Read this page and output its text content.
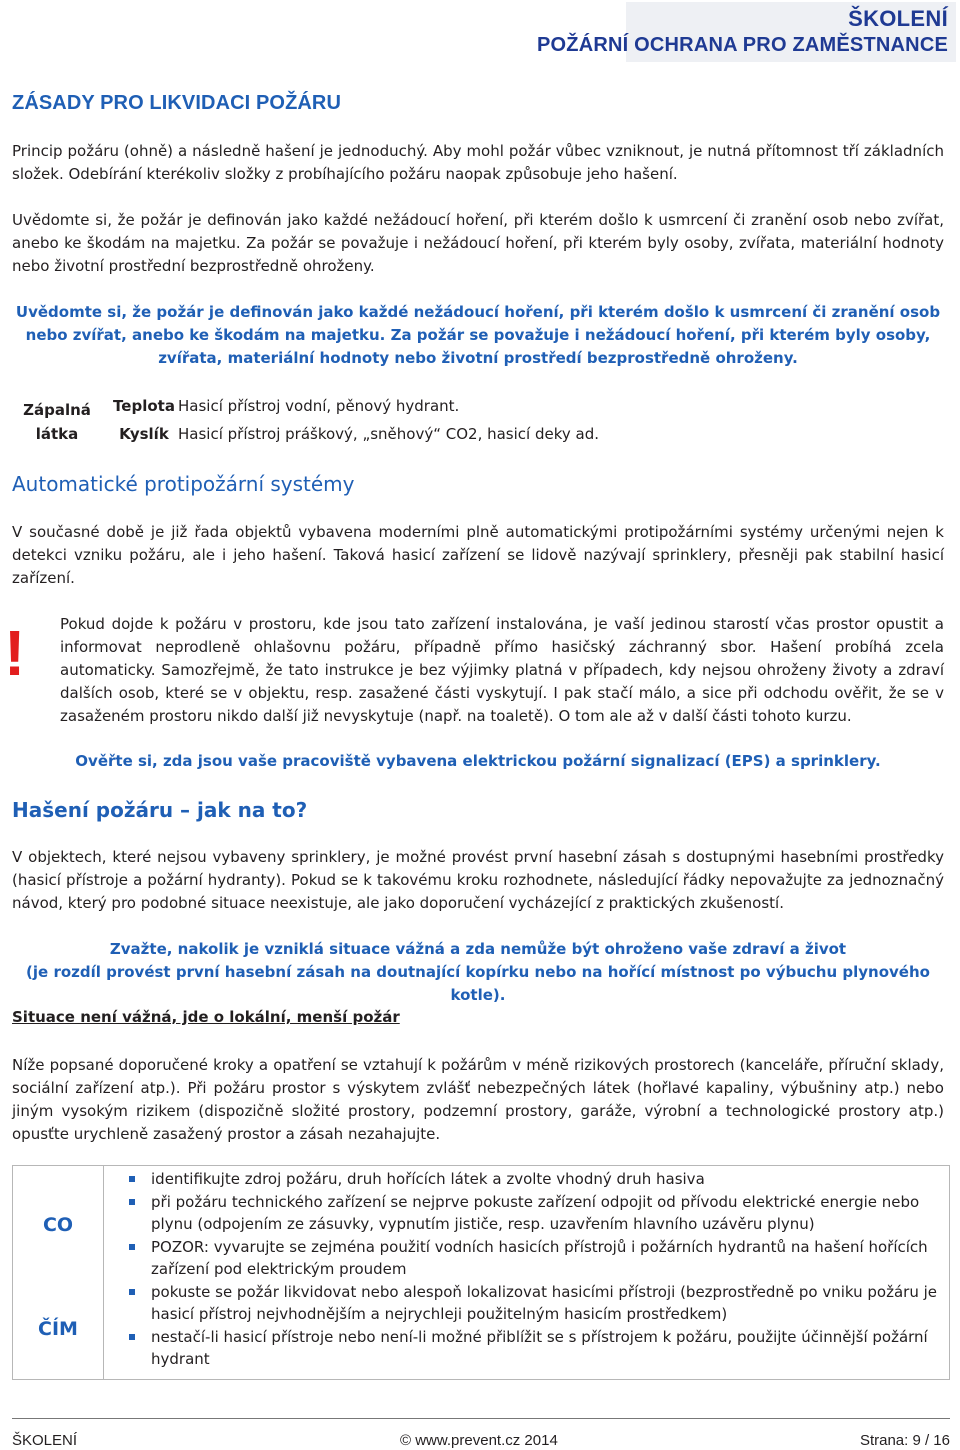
ŠKOLENÍ
POŽÁRNÍ OCHRANA PRO ZAMĚSTNANCE
ZÁSADY PRO LIKVIDACI POŽÁRU
Princip požáru (ohně) a následně hašení je jednoduchý. Aby mohl požár vůbec vzniknout, je nutná přítomnost tří základních složek. Odebírání kterékoliv složky z probíhajícího požáru naopak způsobuje jeho hašení.
Uvědomte si, že požár je definován jako každé nežádoucí hoření, při kterém došlo k usmrcení či zranění osob nebo zvířat, anebo ke škodám na majetku. Za požár se považuje i nežádoucí hoření, při kterém byly osoby, zvířata, materiální hodnoty nebo životní prostřední bezprostředně ohroženy.
Uvědomte si, že požár je definován jako každé nežádoucí hoření, při kterém došlo k usmrcení či zranění osob nebo zvířat, anebo ke škodám na majetku. Za požár se považuje i nežádoucí hoření, při kterém byly osoby, zvířata, materiální hodnoty nebo životní prostředí bezprostředně ohroženy.
Zápalná látka
Teplota Hasicí přístroj vodní, pěnový hydrant.
Kyslík Hasicí přístroj práškový, „sněhový“ CO2, hasicí deky ad.
Automatické protipožární systémy
V současné době je již řada objektů vybavena moderními plně automatickými protipožárními systémy určenými nejen k detekci vzniku požáru, ale i jeho hašení. Taková hasicí zařízení se lidově nazývají sprinklery, přesněji pak stabilní hasicí zařízení.
! Pokud dojde k požáru v prostoru, kde jsou tato zařízení instalována, je vaší jedinou starostí včas prostor opustit a informovat neprodleně ohlašovnu požáru, případně přímo hasičský záchranný sbor. Hašení probíhá zcela automaticky. Samozřejmě, že tato instrukce je bez výjimky platná v případech, kdy nejsou ohroženy životy a zdraví dalších osob, které se v objektu, resp. zasažené části vyskytují. I pak stačí málo, a sice při odchodu ověřit, že se v zasaženém prostoru nikdo další již nevyskytuje (např. na toaletě). O tom ale až v další části tohoto kurzu.
Ověřte si, zda jsou vaše pracoviště vybavena elektrickou požární signalizací (EPS) a sprinklery.
Hašení požáru – jak na to?
V objektech, které nejsou vybaveny sprinklery, je možné provést první hasební zásah s dostupnými hasebními prostředky (hasicí přístroje a požární hydranty). Pokud se k takovému kroku rozhodnete, následující řádky nepovažujte za jednoznačný návod, který pro podobné situace neexistuje, ale jako doporučení vycházející z praktických zkušeností.
Zvažte, nakolik je vzniklá situace vážná a zda nemůže být ohroženo vaše zdraví a život
(je rozdíl provést první hasební zásah na doutnající kopírku nebo na hořící místnost po výbuchu plynového kotle).
Situace není vážná, jde o lokální, menší požár
Níže popsané doporučené kroky a opatření se vztahují k požárům v méně rizikových prostorech (kanceláře, příruční sklady, sociální zařízení atp.). Při požáru prostor s výskytem zvlášť nebezpečných látek (hořlavé kapaliny, výbušniny atp.) nebo jiným vysokým rizikem (dispozičně složité prostory, podzemní prostory, garáže, výrobní a technologické prostory atp.) opusťte urychleně zasažený prostor a zásah nezahajujte.
CO
ČÍM
identifikujte zdroj požáru, druh hořících látek a zvolte vhodný druh hasiva
při požáru technického zařízení se nejprve pokuste zařízení odpojit od přívodu elektrické energie nebo plynu (odpojením ze zásuvky, vypnutím jističe, resp. uzavřením hlavního uzávěru plynu)
POZOR: vyvarujte se zejména použití vodních hasicích přístrojů i požárních hydrantů na hašení hořících zařízení pod elektrickým proudem
pokuste se požár likvidovat nebo alespoň lokalizovat hasicími přístroji (bezprostředně po vniku požáru je hasicí přístroj nejvhodnějším a nejrychleji použitelným hasicím prostředkem)
nestačí-li hasicí přístroje nebo není-li možné přiblížit se s přístrojem k požáru, použijte účinnější požární hydrant
ŠKOLENÍ	© www.prevent.cz 2014	Strana: 9 / 16
